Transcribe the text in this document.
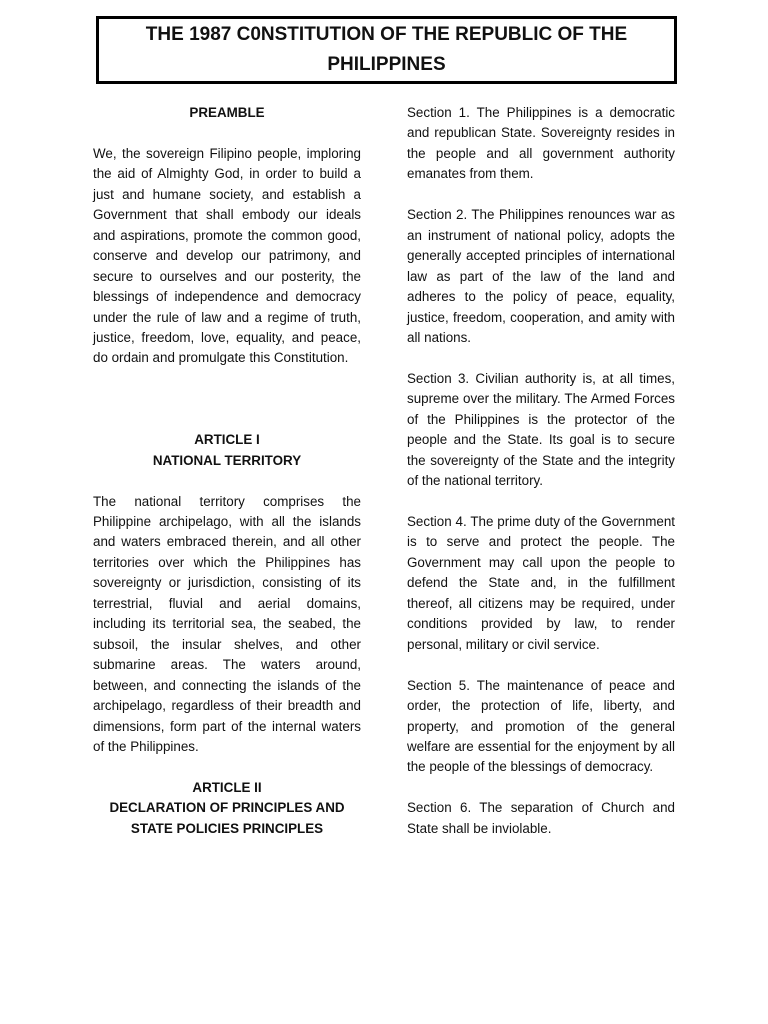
THE 1987 C0NSTITUTION OF THE REPUBLIC OF THE PHILIPPINES

PREAMBLE

We, the sovereign Filipino people, imploring the aid of Almighty God, in order to build a just and humane society, and establish a Government that shall embody our ideals and aspirations, promote the common good, conserve and develop our patrimony, and secure to ourselves and our posterity, the blessings of independence and democracy under the rule of law and a regime of truth, justice, freedom, love, equality, and peace, do ordain and promulgate this Constitution.

ARTICLE I

NATIONAL TERRITORY

The national territory comprises the Philippine archipelago, with all the islands and waters embraced therein, and all other territories over which the Philippines has sovereignty or jurisdiction, consisting of its terrestrial, fluvial and aerial domains, including its territorial sea, the seabed, the subsoil, the insular shelves, and other submarine areas. The waters around, between, and connecting the islands of the archipelago, regardless of their breadth and dimensions, form part of the internal waters of the Philippines.

ARTICLE II

DECLARATION OF PRINCIPLES AND STATE POLICIES PRINCIPLES

Section 1. The Philippines is a democratic and republican State. Sovereignty resides in the people and all government authority emanates from them.

Section 2. The Philippines renounces war as an instrument of national policy, adopts the generally accepted principles of international law as part of the law of the land and adheres to the policy of peace, equality, justice, freedom, cooperation, and amity with all nations.

Section 3. Civilian authority is, at all times, supreme over the military. The Armed Forces of the Philippines is the protector of the people and the State. Its goal is to secure the sovereignty of the State and the integrity of the national territory.

Section 4. The prime duty of the Government is to serve and protect the people. The Government may call upon the people to defend the State and, in the fulfillment thereof, all citizens may be required, under conditions provided by law, to render personal, military or civil service.

Section 5. The maintenance of peace and order, the protection of life, liberty, and property, and promotion of the general welfare are essential for the enjoyment by all the people of the blessings of democracy.

Section 6. The separation of Church and State shall be inviolable.
